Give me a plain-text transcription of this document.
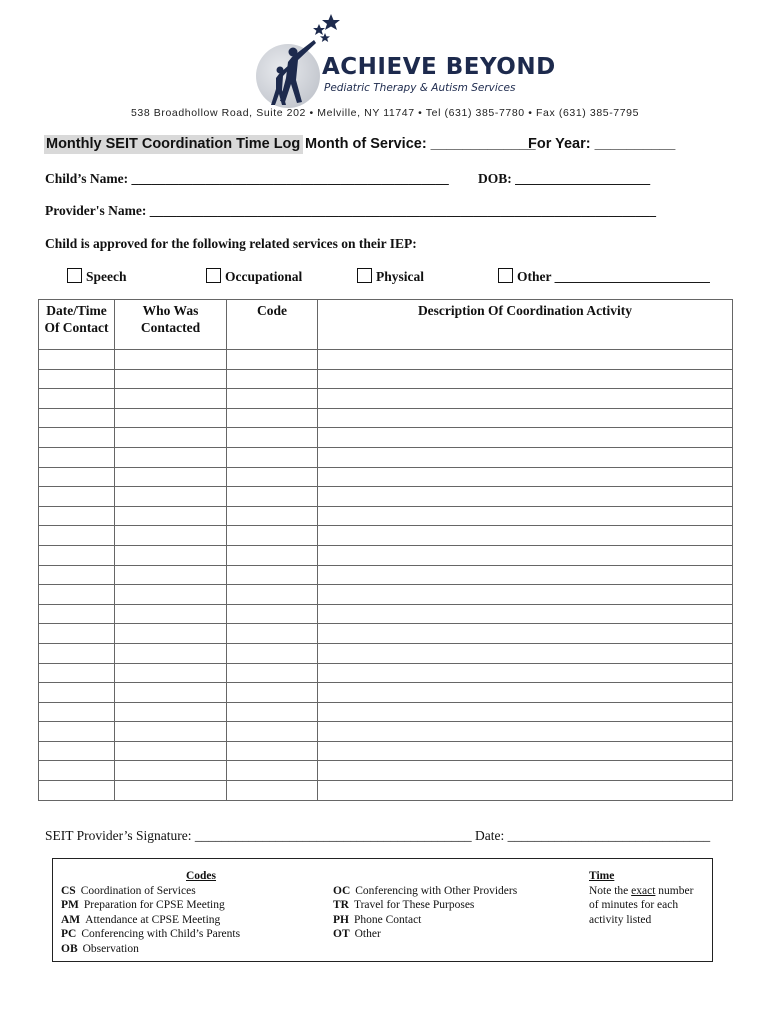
ACHIEVE BEYOND
Pediatric Therapy & Autism Services
538 Broadhollow Road, Suite 202 • Melville, NY 11747 • Tel (631) 385-7780 • Fax (631) 385-7795
Monthly SEIT Coordination Time Log Month of Service: _____________
For Year: __________
Child’s Name: _______________________________________________ DOB: ____________________
Provider's Name: ___________________________________________________________________________
Child is approved for the following related services on their IEP:
Speech	Occupational	Physical	Other _______________________
Date/Time Of Contact	Who Was Contacted	Code	Description Of Coordination Activity

SEIT Provider’s Signature: _________________________________________ Date: ______________________________
Codes
CS Coordination of Services
PM Preparation for CPSE Meeting
AM Attendance at CPSE Meeting
PC Conferencing with Child’s Parents
OB Observation
OC Conferencing with Other Providers
TR Travel for These Purposes
PH Phone Contact
OT Other
Time
Note the exact number
of minutes for each
activity listed
